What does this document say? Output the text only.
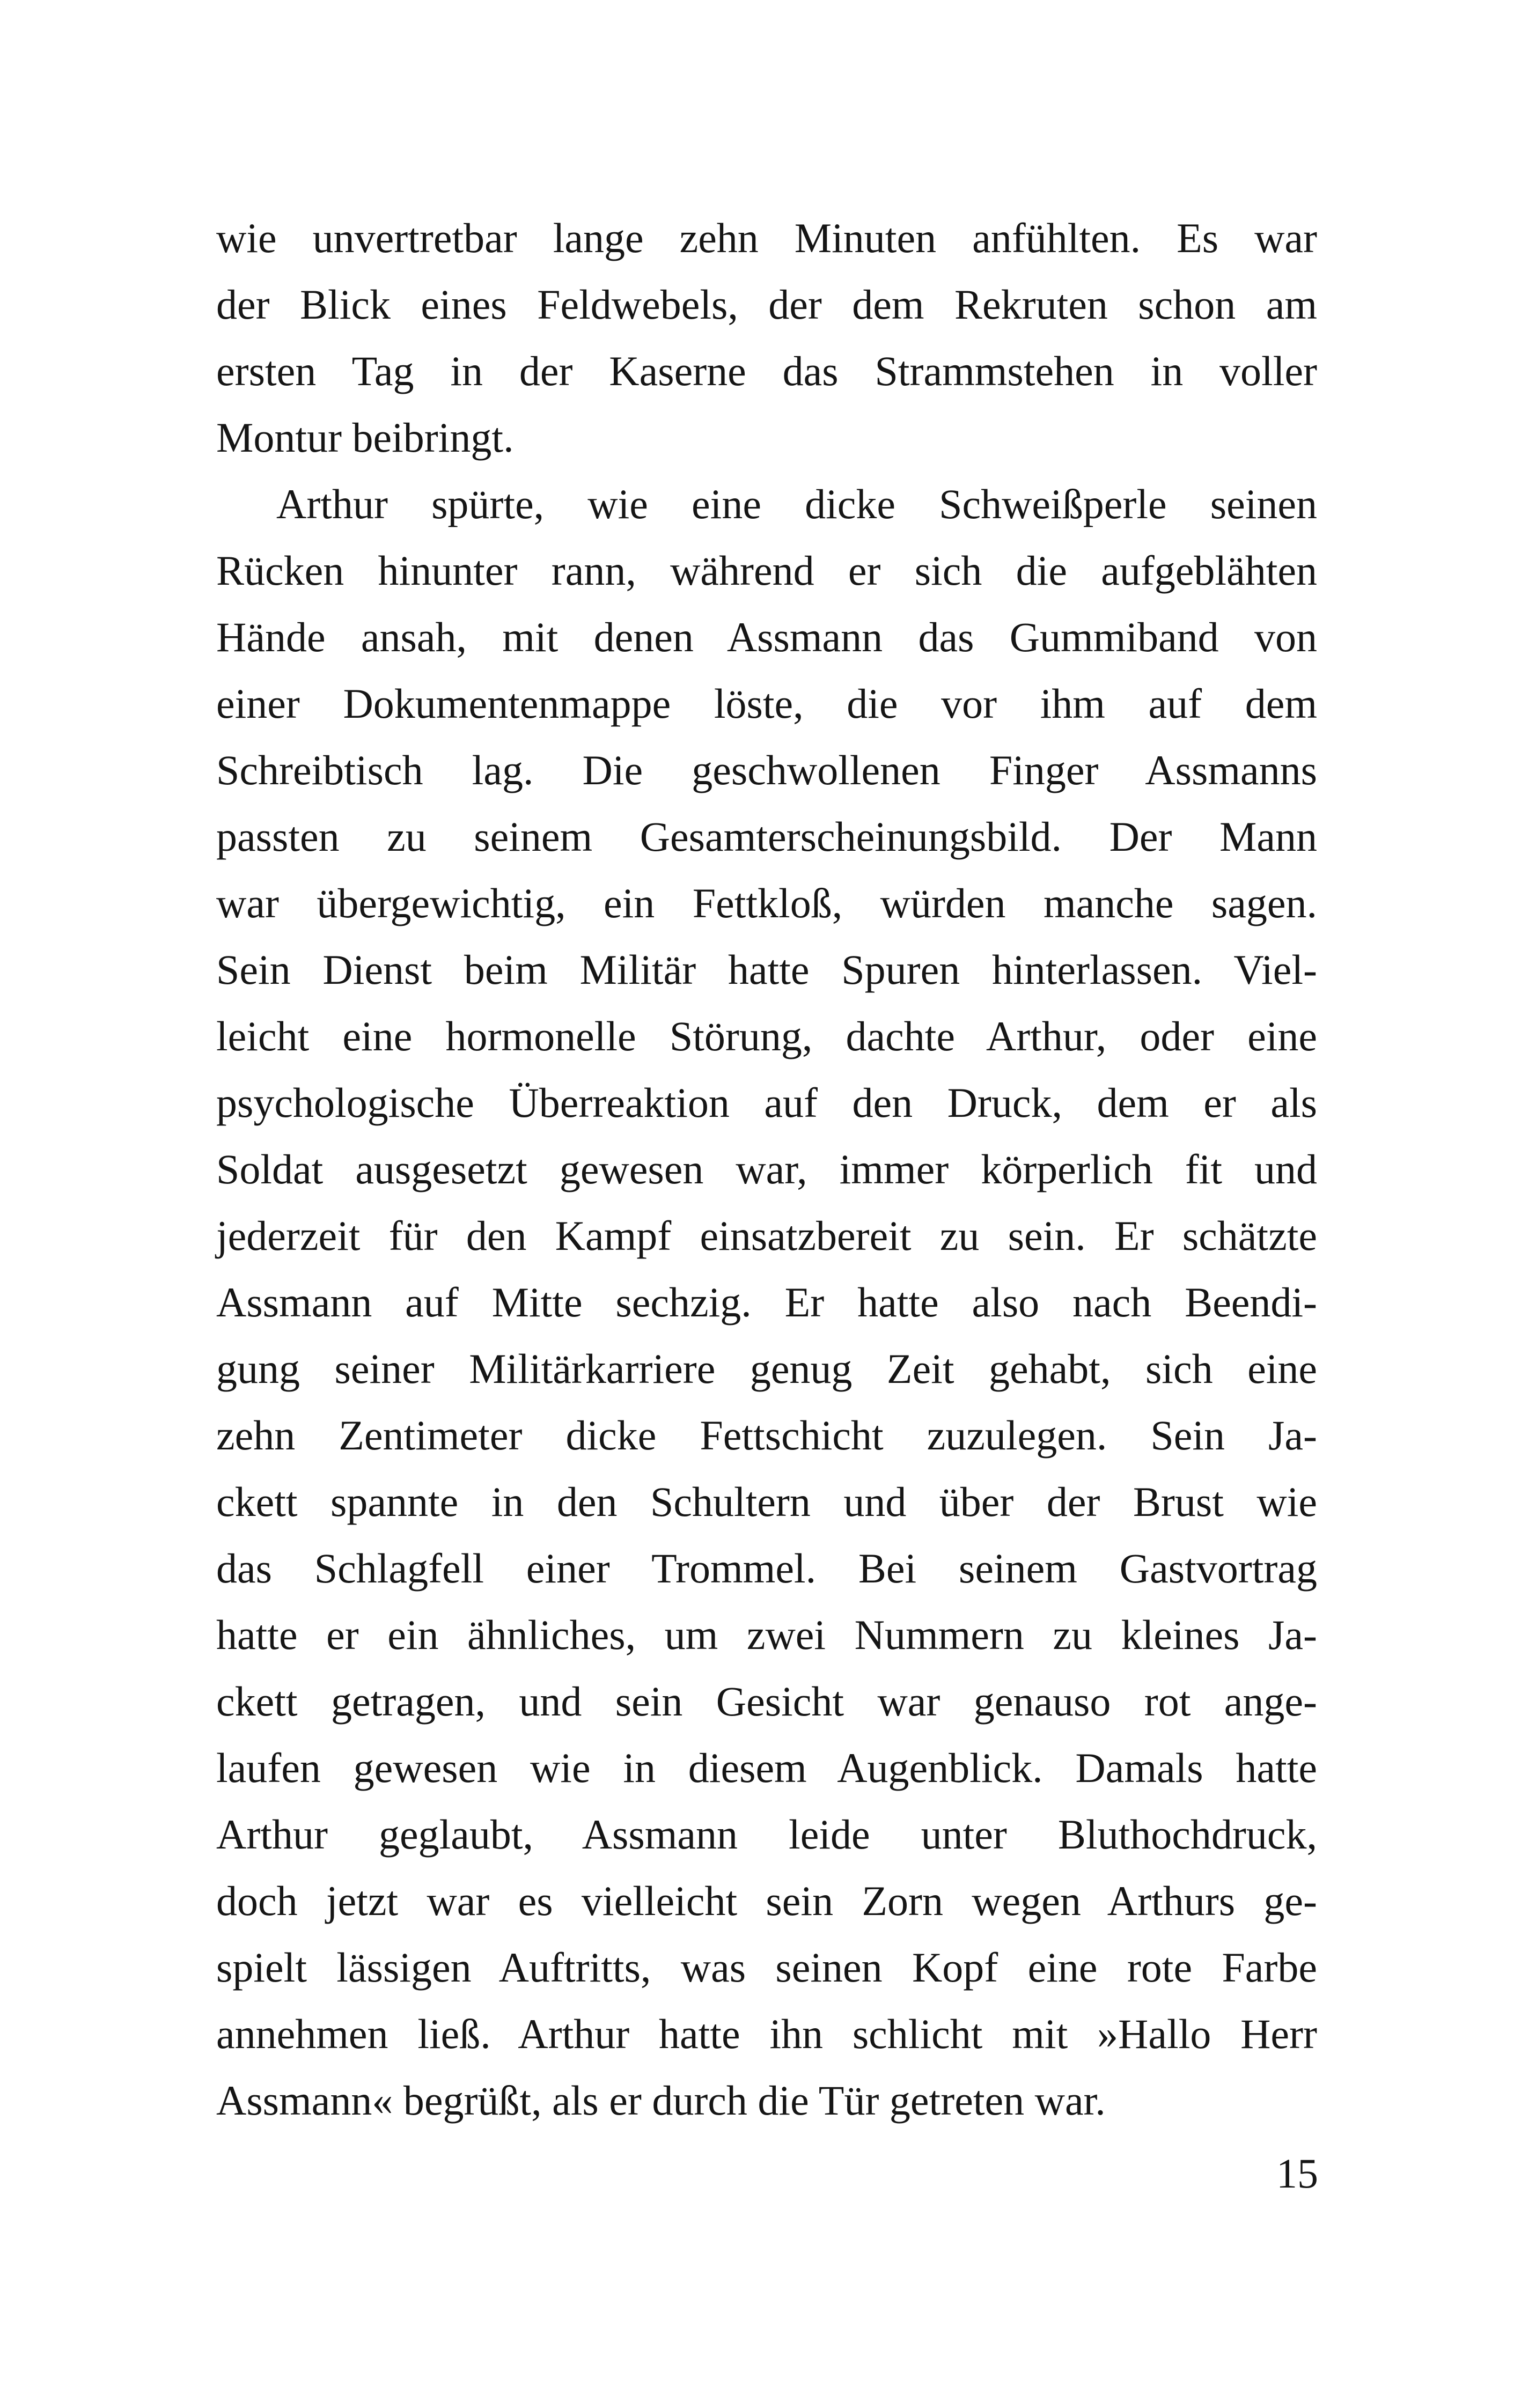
wie unvertretbar lange zehn Minuten anfühlten. Es war
der Blick eines Feldwebels, der dem Rekruten schon am
ersten Tag in der Kaserne das Strammstehen in voller
Montur beibringt.
Arthur spürte, wie eine dicke Schweißperle seinen
Rücken hinunter rann, während er sich die aufgeblähten
Hände ansah, mit denen Assmann das Gummiband von
einer Dokumentenmappe löste, die vor ihm auf dem
Schreibtisch lag. Die geschwollenen Finger Assmanns
passten zu seinem Gesamterscheinungsbild. Der Mann
war übergewichtig, ein Fettkloß, würden manche sagen.
Sein Dienst beim Militär hatte Spuren hinterlassen. Viel-
leicht eine hormonelle Störung, dachte Arthur, oder eine
psychologische Überreaktion auf den Druck, dem er als
Soldat ausgesetzt gewesen war, immer körperlich fit und
jederzeit für den Kampf einsatzbereit zu sein. Er schätzte
Assmann auf Mitte sechzig. Er hatte also nach Beendi-
gung seiner Militärkarriere genug Zeit gehabt, sich eine
zehn Zentimeter dicke Fettschicht zuzulegen. Sein Ja-
ckett spannte in den Schultern und über der Brust wie
das Schlagfell einer Trommel. Bei seinem Gastvortrag
hatte er ein ähnliches, um zwei Nummern zu kleines Ja-
ckett getragen, und sein Gesicht war genauso rot ange-
laufen gewesen wie in diesem Augenblick. Damals hatte
Arthur geglaubt, Assmann leide unter Bluthochdruck,
doch jetzt war es vielleicht sein Zorn wegen Arthurs ge-
spielt lässigen Auftritts, was seinen Kopf eine rote Farbe
annehmen ließ. Arthur hatte ihn schlicht mit »Hallo Herr
Assmann« begrüßt, als er durch die Tür getreten war.
15
